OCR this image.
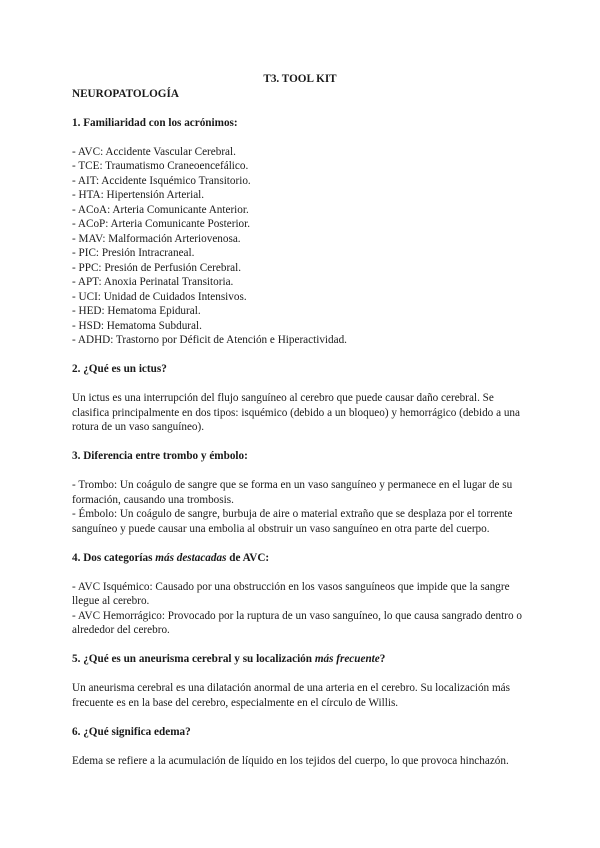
T3. TOOL KIT
NEUROPATOLOGÍA
1. Familiaridad con los acrónimos:
- AVC: Accidente Vascular Cerebral.
- TCE: Traumatismo Craneoencefálico.
- AIT: Accidente Isquémico Transitorio.
- HTA: Hipertensión Arterial.
- ACoA: Arteria Comunicante Anterior.
- ACoP: Arteria Comunicante Posterior.
- MAV: Malformación Arteriovenosa.
- PIC: Presión Intracraneal.
- PPC: Presión de Perfusión Cerebral.
- APT: Anoxia Perinatal Transitoria.
- UCI: Unidad de Cuidados Intensivos.
- HED: Hematoma Epidural.
- HSD: Hematoma Subdural.
- ADHD: Trastorno por Déficit de Atención e Hiperactividad.
2. ¿Qué es un ictus?

Un ictus es una interrupción del flujo sanguíneo al cerebro que puede causar daño cerebral. Se clasifica principalmente en dos tipos: isquémico (debido a un bloqueo) y hemorrágico (debido a una rotura de un vaso sanguíneo).

3. Diferencia entre trombo y émbolo:
- Trombo: Un coágulo de sangre que se forma en un vaso sanguíneo y permanece en el lugar de su formación, causando una trombosis.
- Émbolo: Un coágulo de sangre, burbuja de aire o material extraño que se desplaza por el torrente sanguíneo y puede causar una embolia al obstruir un vaso sanguíneo en otra parte del cuerpo.
4. Dos categorías más destacadas de AVC:
- AVC Isquémico: Causado por una obstrucción en los vasos sanguíneos que impide que la sangre llegue al cerebro.
- AVC Hemorrágico: Provocado por la ruptura de un vaso sanguíneo, lo que causa sangrado dentro o alrededor del cerebro.
5. ¿Qué es un aneurisma cerebral y su localización más frecuente?

Un aneurisma cerebral es una dilatación anormal de una arteria en el cerebro. Su localización más frecuente es en la base del cerebro, especialmente en el círculo de Willis.

6. ¿Qué significa edema?

Edema se refiere a la acumulación de líquido en los tejidos del cuerpo, lo que provoca hinchazón.
